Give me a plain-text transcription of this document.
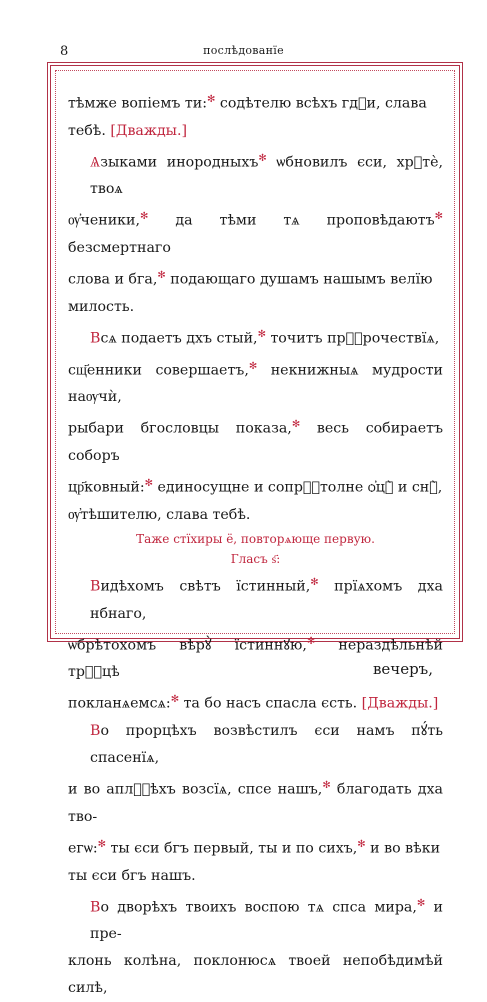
8	послѣдованїе

тѣмже вопіемъ ти:✻ содѣтелю всѣхъ гдⷭи, слава
тебѣ. [Дважды.]

Ѧзыками инородныхъ✻ ѡбновилъ єси, хрⷭтѐ, твоѧ
ѹ҆ченики,✻ да тѣми тѧ проповѣдаютъ✻ безсмертнаго
слова и бга,✻ подающаго душамъ нашымъ велїю
милость.

Всѧ подаетъ дхъ стый,✻ точитъ прⷪ҇рочествїѧ,
сщ҃енники совершаетъ,✻ некнижныѧ мудрости наѹчѝ,
рыбари бгословцы показа,✻ весь собираетъ соборъ
цр҃ковный:✻ единосущне и сопрⷭ҇толне ѻ҆цꙋ̀ и снꙋ̀,
ѹ҆тѣшителю, слава тебѣ.

Таже стїхиры ё, повторѧюще первую.

Гласъ ѕ҃:

Видѣхомъ свѣтъ їстинный,✻ прїѧхомъ дха нбнаго,
ѡбрѣтохомъ вѣрꙋ̀ їстиннꙋю,✻ нераздѣльнѣй трⷪ҇цѣ
покланѧемсѧ:✻ та бо насъ спасла єсть. [Дважды.]

Во прорцѣхъ возвѣстилъ єси намъ пꙋ́ть спасенїѧ,
и во аплⷭ҇ѣхъ возсїѧ, спсе нашъ,✻ благодать дха тво-
егѡ:✻ ты єси бгъ первый, ты и по сихъ,✻ и во вѣки
ты єси бгъ нашъ.

Во дворѣхъ твоихъ воспою тѧ спса мира,✻ и пре-
клонь колѣна, поклонюсѧ твоей непобѣдимѣй силѣ,

вечеръ,
